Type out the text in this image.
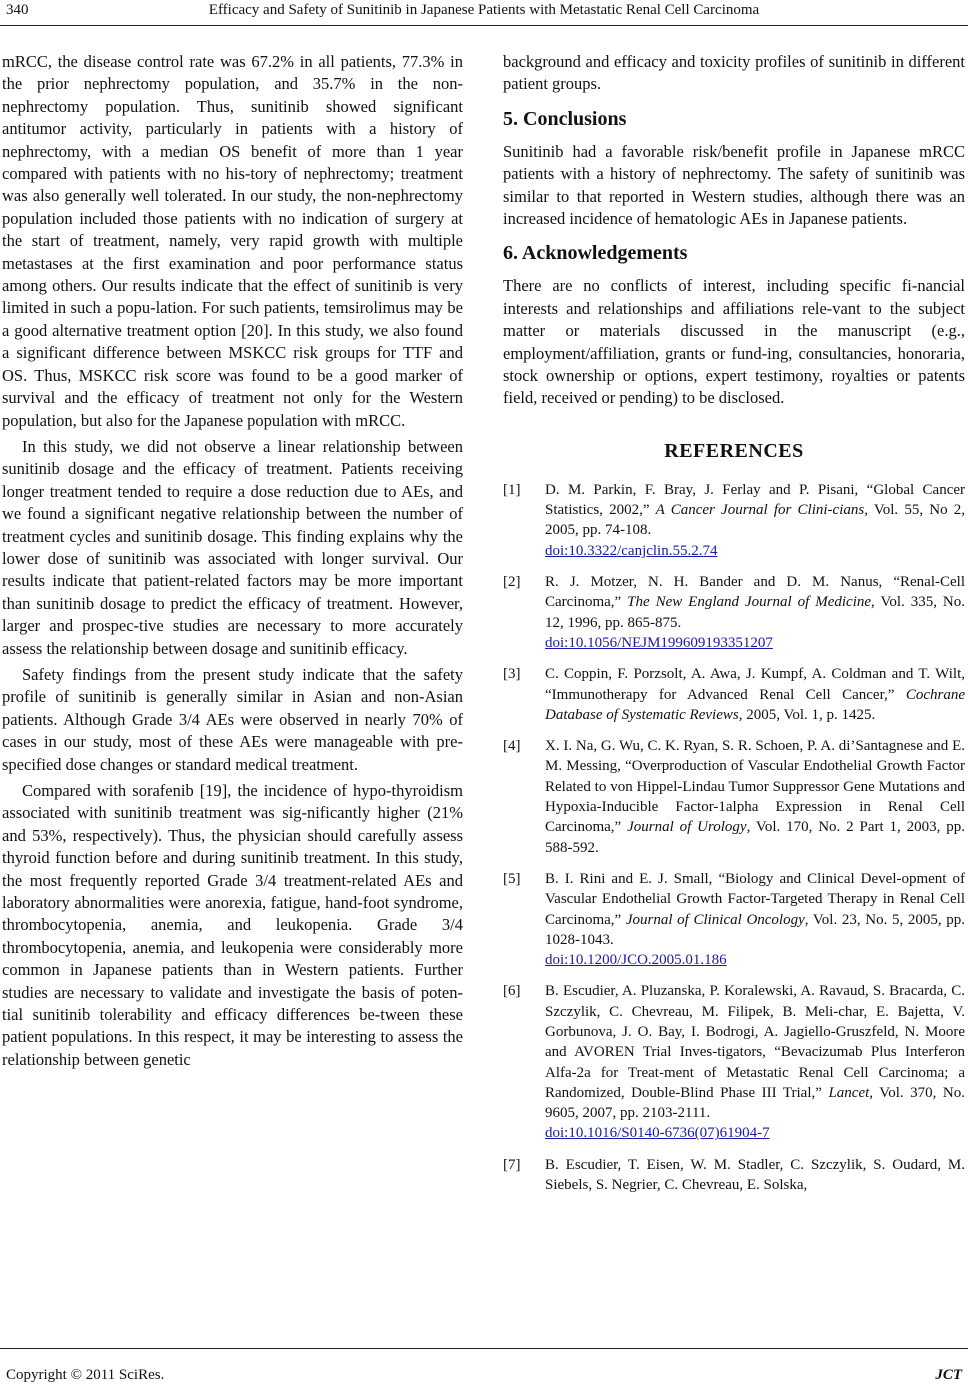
340	Efficacy and Safety of Sunitinib in Japanese Patients with Metastatic Renal Cell Carcinoma

mRCC, the disease control rate was 67.2% in all patients, 77.3% in the prior nephrectomy population, and 35.7% in the non-nephrectomy population. Thus, sunitinib showed significant antitumor activity, particularly in patients with a history of nephrectomy, with a median OS benefit of more than 1 year compared with patients with no his-tory of nephrectomy; treatment was also generally well tolerated. In our study, the non-nephrectomy population included those patients with no indication of surgery at the start of treatment, namely, very rapid growth with multiple metastases at the first examination and poor performance status among others. Our results indicate that the effect of sunitinib is very limited in such a popu-lation. For such patients, temsirolimus may be a good alternative treatment option [20]. In this study, we also found a significant difference between MSKCC risk groups for TTF and OS. Thus, MSKCC risk score was found to be a good marker of survival and the efficacy of treatment not only for the Western population, but also for the Japanese population with mRCC.

In this study, we did not observe a linear relationship between sunitinib dosage and the efficacy of treatment. Patients receiving longer treatment tended to require a dose reduction due to AEs, and we found a significant negative relationship between the number of treatment cycles and sunitinib dosage. This finding explains why the lower dose of sunitinib was associated with longer survival. Our results indicate that patient-related factors may be more important than sunitinib dosage to predict the efficacy of treatment. However, larger and prospec-tive studies are necessary to more accurately assess the relationship between dosage and sunitinib efficacy.

Safety findings from the present study indicate that the safety profile of sunitinib is generally similar in Asian and non-Asian patients. Although Grade 3/4 AEs were observed in nearly 70% of cases in our study, most of these AEs were manageable with pre-specified dose changes or standard medical treatment.

Compared with sorafenib [19], the incidence of hypo-thyroidism associated with sunitinib treatment was sig-nificantly higher (21% and 53%, respectively). Thus, the physician should carefully assess thyroid function before and during sunitinib treatment. In this study, the most frequently reported Grade 3/4 treatment-related AEs and laboratory abnormalities were anorexia, fatigue, hand-foot syndrome, thrombocytopenia, anemia, and leukopenia. Grade 3/4 thrombocytopenia, anemia, and leukopenia were considerably more common in Japanese patients than in Western patients. Further studies are necessary to validate and investigate the basis of poten-tial sunitinib tolerability and efficacy differences be-tween these patient populations. In this respect, it may be interesting to assess the relationship between genetic

background and efficacy and toxicity profiles of sunitinib in different patient groups.

5. Conclusions

Sunitinib had a favorable risk/benefit profile in Japanese mRCC patients with a history of nephrectomy. The safety of sunitinib was similar to that reported in Western studies, although there was an increased incidence of hematologic AEs in Japanese patients.

6. Acknowledgements

There are no conflicts of interest, including specific fi-nancial interests and relationships and affiliations rele-vant to the subject matter or materials discussed in the manuscript (e.g., employment/affiliation, grants or fund-ing, consultancies, honoraria, stock ownership or options, expert testimony, royalties or patents field, received or pending) to be disclosed.

REFERENCES
[1] D. M. Parkin, F. Bray, J. Ferlay and P. Pisani, “Global Cancer Statistics, 2002,” A Cancer Journal for Clini-cians, Vol. 55, No 2, 2005, pp. 74-108.
doi:10.3322/canjclin.55.2.74
[2] R. J. Motzer, N. H. Bander and D. M. Nanus, “Renal-Cell Carcinoma,” The New England Journal of Medicine, Vol. 335, No. 12, 1996, pp. 865-875.
doi:10.1056/NEJM199609193351207
[3] C. Coppin, F. Porzsolt, A. Awa, J. Kumpf, A. Coldman and T. Wilt, “Immunotherapy for Advanced Renal Cell Cancer,” Cochrane Database of Systematic Reviews, 2005, Vol. 1, p. 1425.
[4] X. I. Na, G. Wu, C. K. Ryan, S. R. Schoen, P. A. di’Santagnese and E. M. Messing, “Overproduction of Vascular Endothelial Growth Factor Related to von Hippel-Lindau Tumor Suppressor Gene Mutations and Hypoxia-Inducible Factor-1alpha Expression in Renal Cell Carcinoma,” Journal of Urology, Vol. 170, No. 2 Part 1, 2003, pp. 588-592.
[5] B. I. Rini and E. J. Small, “Biology and Clinical Devel-opment of Vascular Endothelial Growth Factor-Targeted Therapy in Renal Cell Carcinoma,” Journal of Clinical Oncology, Vol. 23, No. 5, 2005, pp. 1028-1043.
doi:10.1200/JCO.2005.01.186
[6] B. Escudier, A. Pluzanska, P. Koralewski, A. Ravaud, S. Bracarda, C. Szczylik, C. Chevreau, M. Filipek, B. Meli-char, E. Bajetta, V. Gorbunova, J. O. Bay, I. Bodrogi, A. Jagiello-Gruszfeld, N. Moore and AVOREN Trial Inves-tigators, “Bevacizumab Plus Interferon Alfa-2a for Treat-ment of Metastatic Renal Cell Carcinoma; a Randomized, Double-Blind Phase III Trial,” Lancet, Vol. 370, No. 9605, 2007, pp. 2103-2111.
doi:10.1016/S0140-6736(07)61904-7
[7] B. Escudier, T. Eisen, W. M. Stadler, C. Szczylik, S. Oudard, M. Siebels, S. Negrier, C. Chevreau, E. Solska,
Copyright © 2011 SciRes.	JCT
